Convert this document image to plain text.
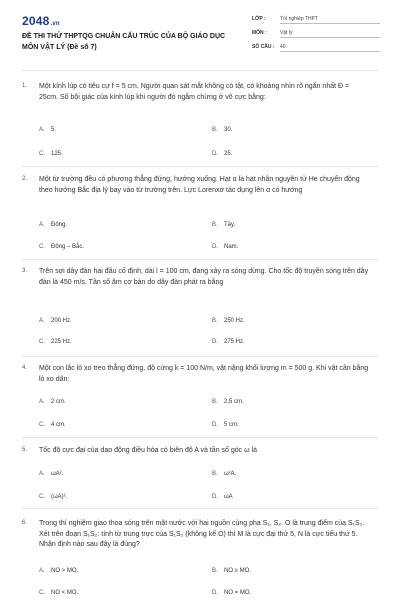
2048.vn
ĐỀ THI THỬ THPTQG CHUẨN CẤU TRÚC CỦA BỘ GIÁO DỤC MÔN VẬT LÝ (Đề số 7)
LỚP :	Tốt nghiệp THPT
MÔN :	Vật lý
SỐ CÂU : 40
1. Một kính lúp có tiêu cự f = 5 cm. Người quan sát mắt không có tật, có khoảng nhìn rõ ngắn nhất Đ = 25cm. Số bội giác của kính lúp khi người đó ngắm chừng ở vô cực bằng:
A. 5.	B. 30.
C. 125.	D. 25.
2. Một từ trường đều có phương thẳng đứng, hướng xuống. Hạt α là hạt nhân nguyên tử He chuyển động theo hướng Bắc địa lý bay vào từ trường trên. Lực Lorenxơ tác dụng lên α có hướng
A. Đông.	B. Tây.
C. Đông – Bắc.	D. Nam.
3. Trên sợi dây đàn hai đầu cố định, dài l = 100 cm, đang xảy ra sóng dừng. Cho tốc độ truyền sóng trên dây đàn là 450 m/s. Tần số âm cơ bản do dây đàn phát ra bằng
A. 200 Hz.	B. 250 Hz.
C. 225 Hz.	D. 275 Hz.
4. Một con lắc lò xo treo thẳng đứng, độ cứng k = 100 N/m, vật nặng khối lượng m = 500 g. Khi vật cân bằng lò xo dãn:
A. 2 cm.	B. 2,5 cm.
C. 4 cm.	D. 5 cm.
5. Tốc độ cực đại của dao động điều hòa có biên độ A và tần số góc ω là
A. ωA².	B. ω²A.
C. (ωA)².	D. ωA
6. Trong thí nghiệm giao thoa sóng trên mặt nước với hai nguồn cùng pha S₁, S₂. O là trung điểm của S₁S₂. Xét trên đoạn S₁S₂: tính từ trung trực của S₁S₂ (không kể O) thì M là cực đại thứ 5, N là cực tiểu thứ 5. Nhận định nào sau đây là đúng?
A. NO > MO.	B. NO ≥ MO.
C. NO < MO.	D. NO = MO.
